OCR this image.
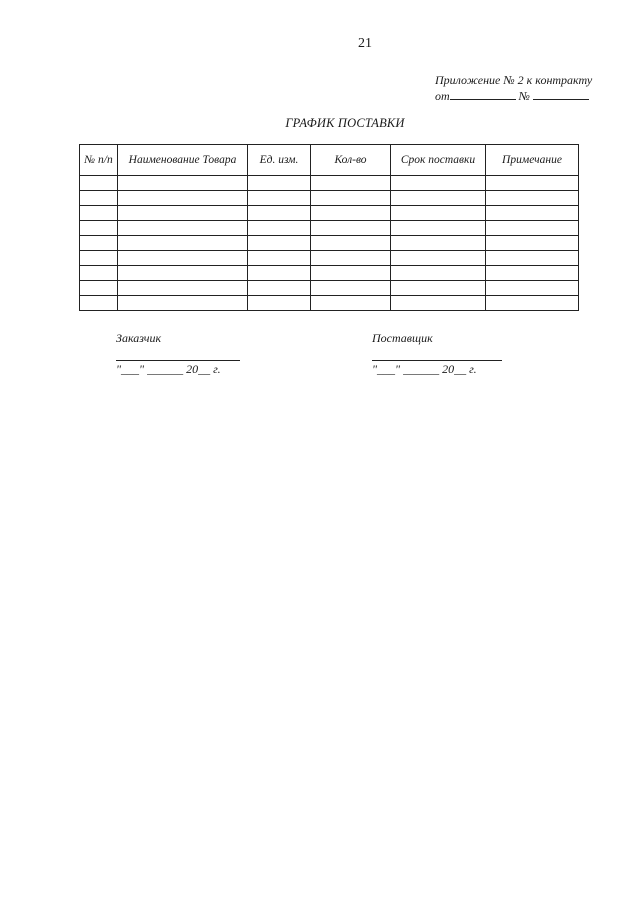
21
Приложение № 2 к контракту
от	№
ГРАФИК ПОСТАВКИ
№ п/п	Наименование Товара	Ед. изм.	Кол-во	Срок поставки	Примечание

Заказчик
"___" ______ 20__ г.
Поставщик
"___" ______ 20__ г.
